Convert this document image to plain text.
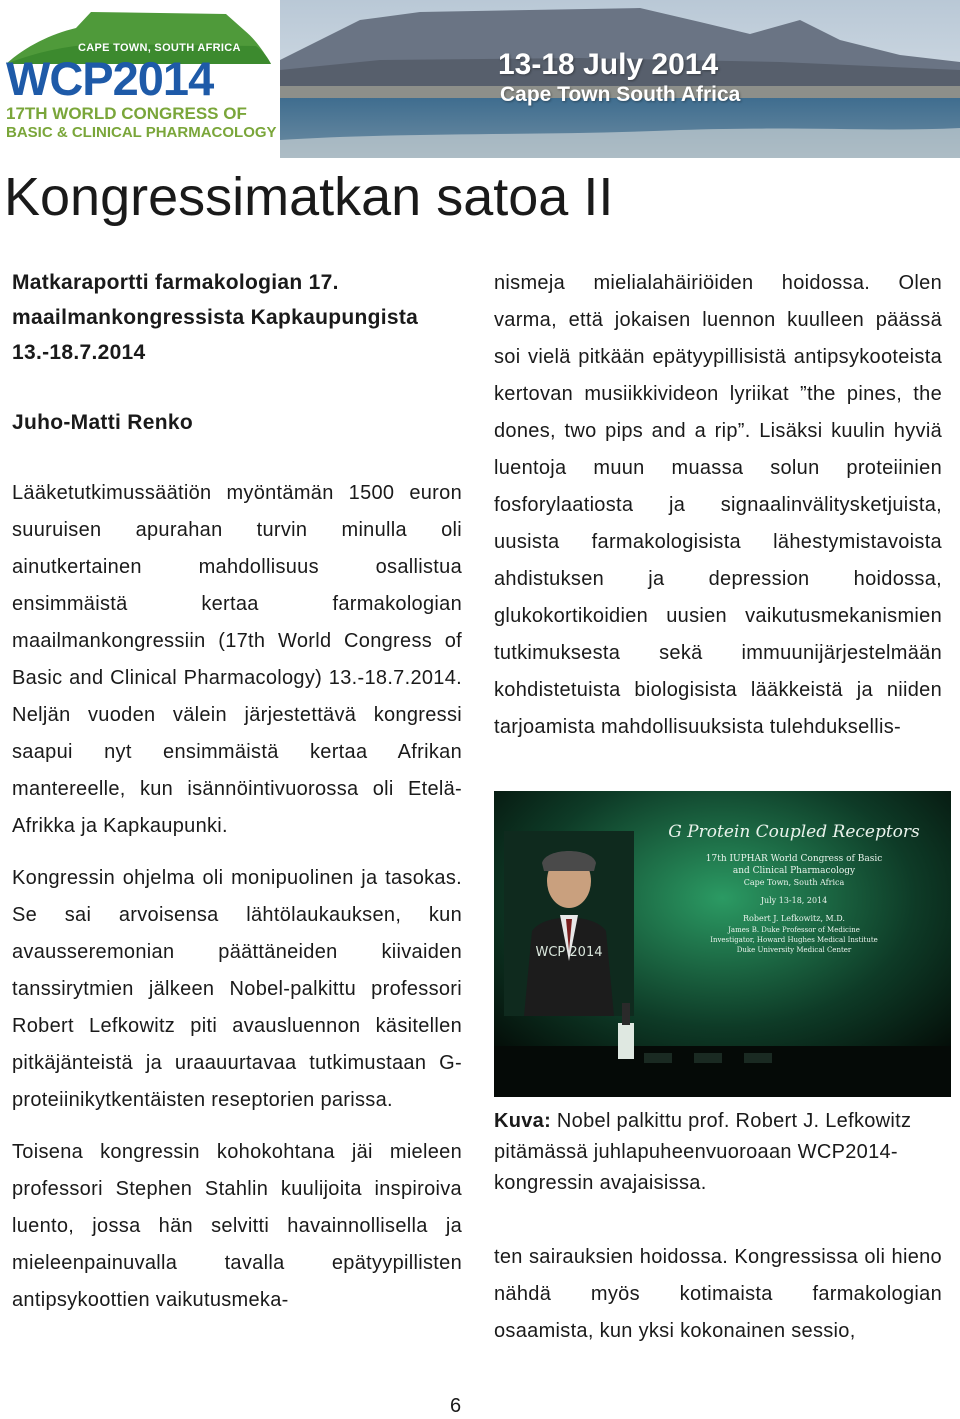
CAPE TOWN, SOUTH AFRICA
WCP2014
17TH WORLD CONGRESS OF
BASIC & CLINICAL PHARMACOLOGY
13-18 July 2014
Cape Town South Africa
Kongressimatkan satoa II

Matkaraportti farmakologian 17. maailmankongressista Kapkaupungista 13.-18.7.2014

Juho-Matti Renko

Lääketutkimussäätiön myöntämän 1500 euron suuruisen apurahan turvin minulla oli ainutkertainen mahdollisuus osallistua ensimmäistä kertaa farmakologian maailmankongressiin (17th World Congress of Basic and Clinical Pharmacology) 13.-18.7.2014. Neljän vuoden välein järjestettävä kongressi saapui nyt ensimmäistä kertaa Afrikan mantereelle, kun isännöintivuorossa oli Etelä-Afrikka ja Kapkaupunki.

Kongressin ohjelma oli monipuolinen ja tasokas. Se sai arvoisensa lähtölaukauksen, kun avausseremonian päättäneiden kiivaiden tanssirytmien jälkeen Nobel-palkittu professori Robert Lefkowitz piti avausluennon käsitellen pitkäjänteistä ja uraauurtavaa tutkimustaan G-proteiinikytkentäisten reseptorien parissa.

Toisena kongressin kohokohtana jäi mieleen professori Stephen Stahlin kuulijoita inspiroiva luento, jossa hän selvitti havainnollisella ja mieleenpainuvalla tavalla epätyypillisten antipsykoottien vaikutusmeka-

nismeja mielialahäiriöiden hoidossa. Olen varma, että jokaisen luennon kuulleen päässä soi vielä pitkään epätyypillisistä antipsykooteista kertovan musiikkivideon lyriikat ”the pines, the dones, two pips and a rip”. Lisäksi kuulin hyviä luentoja muun muassa solun proteiinien fosforylaatiosta ja signaalinvälitysketjuista, uusista farmakologisista lähestymistavoista ahdistuksen ja depression hoidossa, glukokortikoidien uusien vaikutusmekanismien tutkimuksesta sekä immuunijärjestelmään kohdistetuista biologisista lääkkeistä ja niiden tarjoamista mahdollisuuksista tulehduksellis-

WCP 2014
G Protein Coupled Receptors
17th IUPHAR World Congress of Basic
and Clinical Pharmacology
Cape Town, South Africa
July 13-18, 2014
Robert J. Lefkowitz, M.D.
James B. Duke Professor of Medicine
Investigator, Howard Hughes Medical Institute
Duke University Medical Center

Kuva: Nobel palkittu prof. Robert J. Lefkowitz pitämässä juhlapuheenvuoroaan WCP2014-kongressin avajaisissa.

ten sairauksien hoidossa. Kongressissa oli hieno nähdä myös kotimaista farmakologian osaamista, kun yksi kokonainen sessio,

6
